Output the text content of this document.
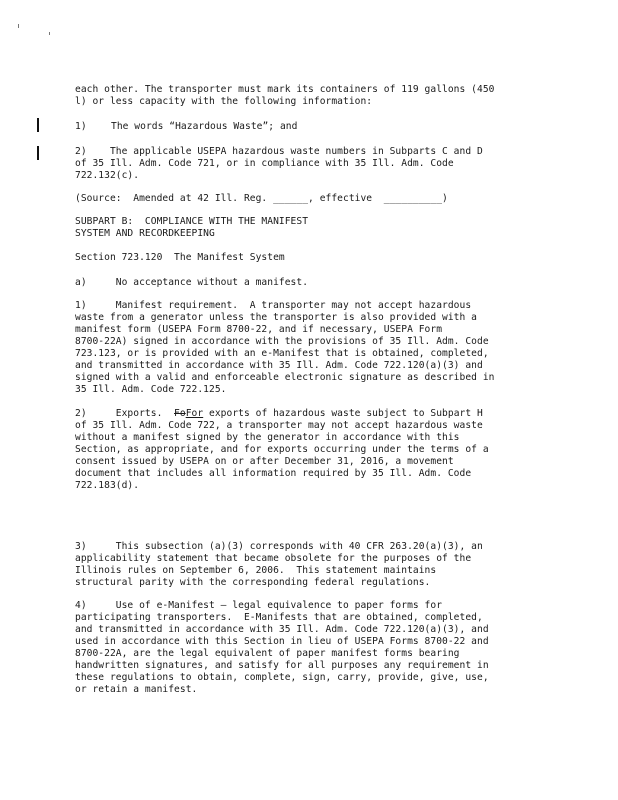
each other. The transporter must mark its containers of 119 gallons (450
l) or less capacity with the following information:
1)	The words “Hazardous Waste”; and
2)    The applicable USEPA hazardous waste numbers in Subparts C and D
of 35 Ill. Adm. Code 721, or in compliance with 35 Ill. Adm. Code
722.132(c).
(Source:  Amended at 42 Ill. Reg. ______, effective  __________)
SUBPART B:  COMPLIANCE WITH THE MANIFEST
SYSTEM AND RECORDKEEPING
Section 723.120  The Manifest System
a)     No acceptance without a manifest.
1)     Manifest requirement.  A transporter may not accept hazardous
waste from a generator unless the transporter is also provided with a
manifest form (USEPA Form 8700-22, and if necessary, USEPA Form
8700-22A) signed in accordance with the provisions of 35 Ill. Adm. Code
723.123, or is provided with an e-Manifest that is obtained, completed,
and transmitted in accordance with 35 Ill. Adm. Code 722.120(a)(3) and
signed with a valid and enforceable electronic signature as described in
35 Ill. Adm. Code 722.125.
2)     Exports.  FoFor exports of hazardous waste subject to Subpart H
of 35 Ill. Adm. Code 722, a transporter may not accept hazardous waste
without a manifest signed by the generator in accordance with this
Section, as appropriate, and for exports occurring under the terms of a
consent issued by USEPA on or after December 31, 2016, a movement
document that includes all information required by 35 Ill. Adm. Code
722.183(d).
3)     This subsection (a)(3) corresponds with 40 CFR 263.20(a)(3), an
applicability statement that became obsolete for the purposes of the
Illinois rules on September 6, 2006.  This statement maintains
structural parity with the corresponding federal regulations.
4)     Use of e-Manifest — legal equivalence to paper forms for
participating transporters.  E-Manifests that are obtained, completed,
and transmitted in accordance with 35 Ill. Adm. Code 722.120(a)(3), and
used in accordance with this Section in lieu of USEPA Forms 8700-22 and
8700-22A, are the legal equivalent of paper manifest forms bearing
handwritten signatures, and satisfy for all purposes any requirement in
these regulations to obtain, complete, sign, carry, provide, give, use,
or retain a manifest.
